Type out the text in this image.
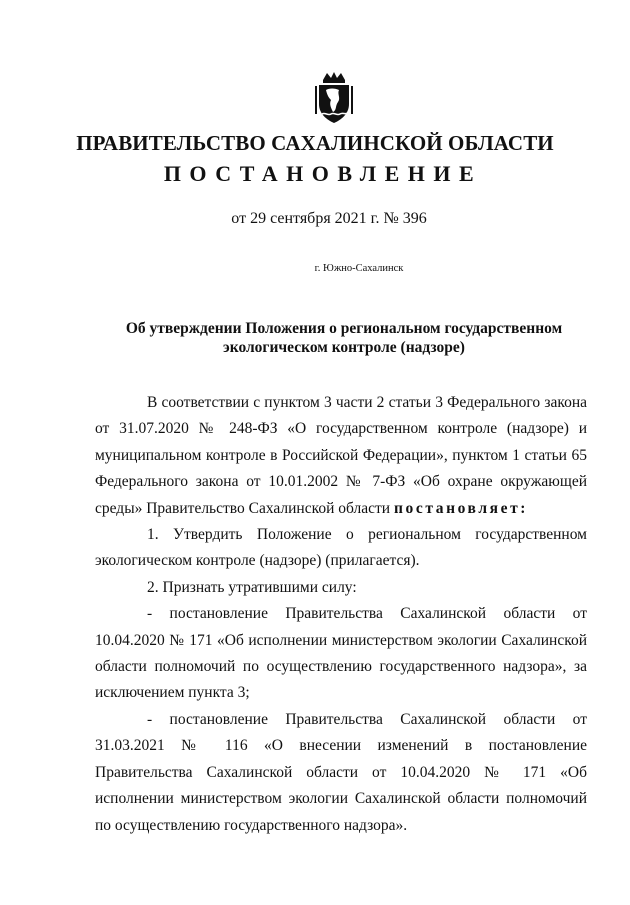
ПРАВИТЕЛЬСТВО САХАЛИНСКОЙ ОБЛАСТИ
ПОСТАНОВЛЕНИЕ

от 29 сентября 2021 г. № 396

г. Южно-Сахалинск

Об утверждении Положения о региональном государственном
экологическом контроле (надзоре)

В соответствии с пунктом 3 части 2 статьи 3 Федерального закона от 31.07.2020 № 248-ФЗ «О государственном контроле (надзоре) и муниципальном контроле в Российской Федерации», пунктом 1 статьи 65 Федерального закона от 10.01.2002 № 7-ФЗ «Об охране окружающей среды» Правительство Сахалинской области постановляет:

1. Утвердить Положение о региональном государственном экологическом контроле (надзоре) (прилагается).

2. Признать утратившими силу:

- постановление Правительства Сахалинской области от 10.04.2020 № 171 «Об исполнении министерством экологии Сахалинской области полномочий по осуществлению государственного надзора», за исключением пункта 3;

- постановление Правительства Сахалинской области от 31.03.2021 № 116 «О внесении изменений в постановление Правительства Сахалинской области от 10.04.2020 № 171 «Об исполнении министерством экологии Сахалинской области полномочий по осуществлению государственного надзора».
